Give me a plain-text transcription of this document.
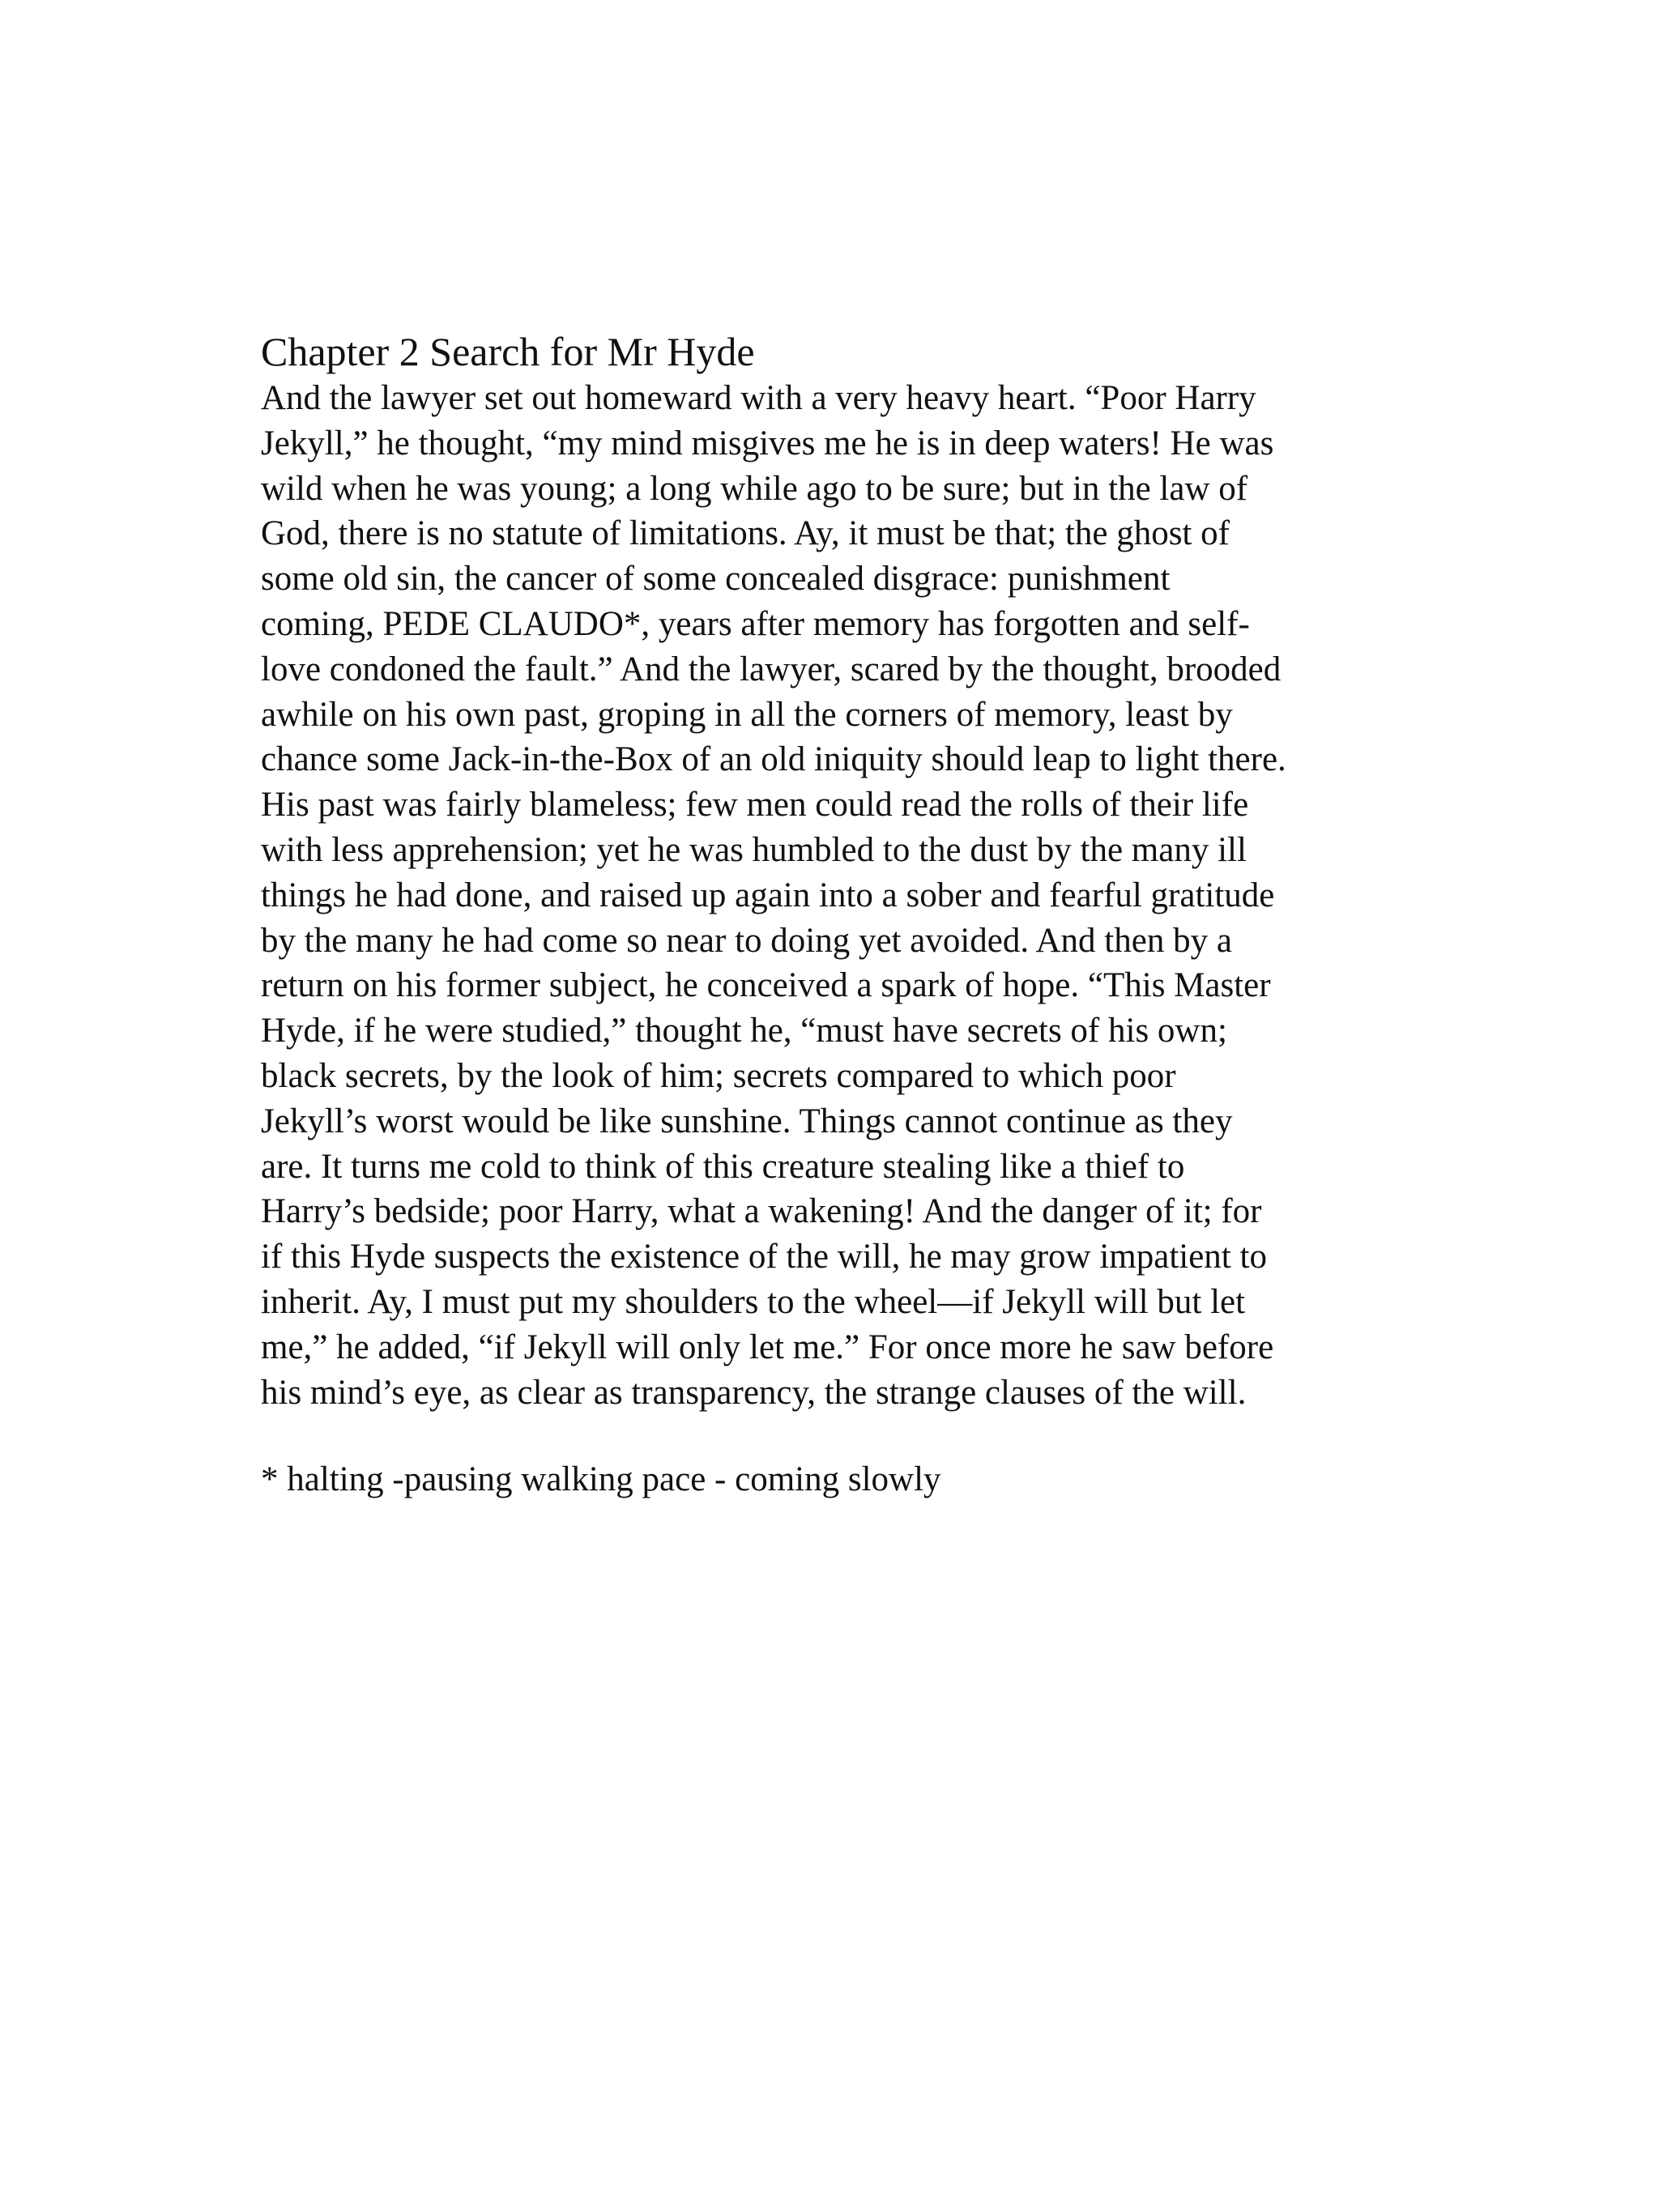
Chapter 2 Search for Mr Hyde
And the lawyer set out homeward with a very heavy heart. “Poor Harry
Jekyll,” he thought, “my mind misgives me he is in deep waters! He was
wild when he was young; a long while ago to be sure; but in the law of
God, there is no statute of limitations. Ay, it must be that; the ghost of
some old sin, the cancer of some concealed disgrace: punishment
coming, PEDE CLAUDO*, years after memory has forgotten and self-
love condoned the fault.” And the lawyer, scared by the thought, brooded
awhile on his own past, groping in all the corners of memory, least by
chance some Jack-in-the-Box of an old iniquity should leap to light there.
His past was fairly blameless; few men could read the rolls of their life
with less apprehension; yet he was humbled to the dust by the many ill
things he had done, and raised up again into a sober and fearful gratitude
by the many he had come so near to doing yet avoided. And then by a
return on his former subject, he conceived a spark of hope. “This Master
Hyde, if he were studied,” thought he, “must have secrets of his own;
black secrets, by the look of him; secrets compared to which poor
Jekyll’s worst would be like sunshine. Things cannot continue as they
are. It turns me cold to think of this creature stealing like a thief to
Harry’s bedside; poor Harry, what a wakening! And the danger of it; for
if this Hyde suspects the existence of the will, he may grow impatient to
inherit. Ay, I must put my shoulders to the wheel—if Jekyll will but let
me,” he added, “if Jekyll will only let me.” For once more he saw before
his mind’s eye, as clear as transparency, the strange clauses of the will.
* halting -pausing walking pace - coming slowly
